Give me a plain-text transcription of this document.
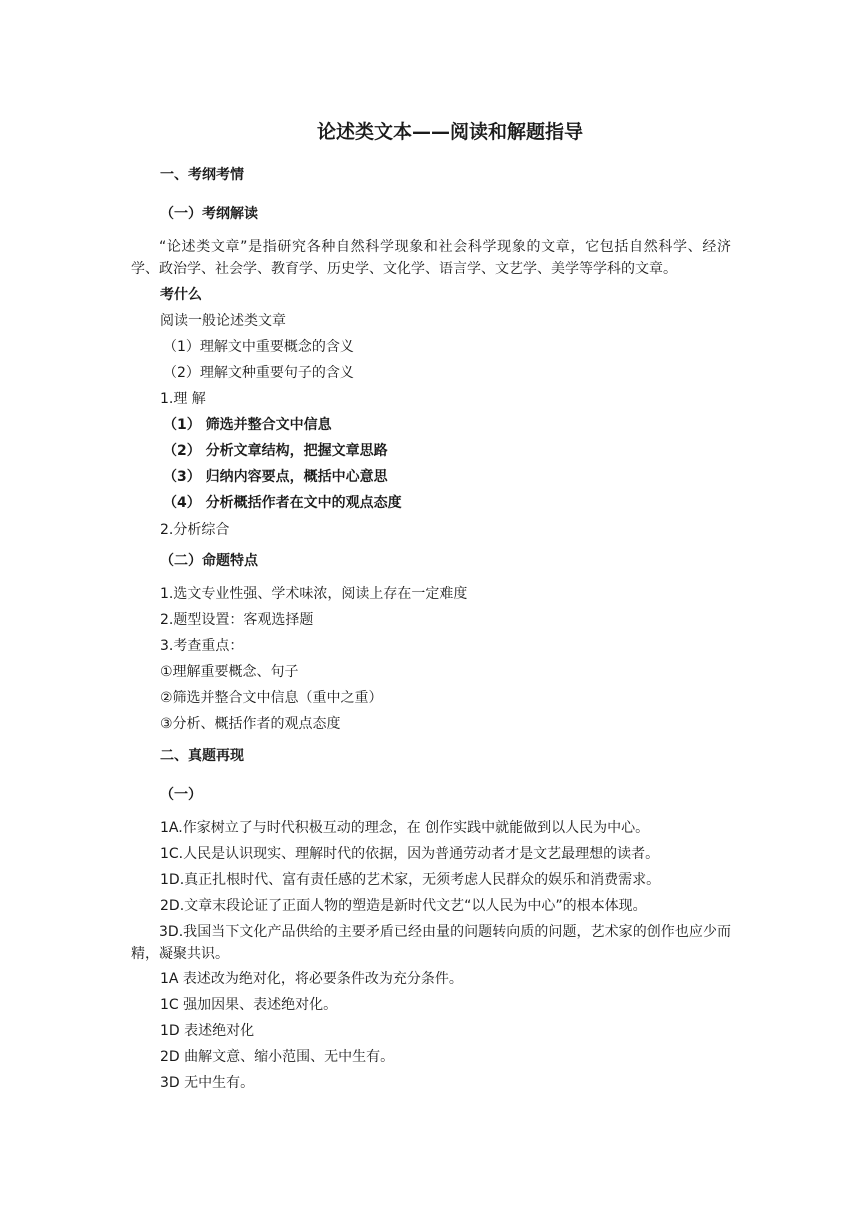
论述类文本——阅读和解题指导
一、考纲考情
（一）考纲解读
“论述类文章”是指研究各种自然科学现象和社会科学现象的文章，它包括自然科学、经济学、政治学、社会学、教育学、历史学、文化学、语言学、文艺学、美学等学科的文章。
考什么
阅读一般论述类文章
（1）理解文中重要概念的含义
（2）理解文种重要句子的含义
1.理 解
（1） 筛选并整合文中信息
（2） 分析文章结构，把握文章思路
（3） 归纳内容要点，概括中心意思
（4） 分析概括作者在文中的观点态度
2.分析综合
（二）命题特点
1.选文专业性强、学术味浓，阅读上存在一定难度
2.题型设置：客观选择题
3.考查重点：
①理解重要概念、句子
②筛选并整合文中信息（重中之重）
③分析、概括作者的观点态度
二、真题再现
（一）
1A.作家树立了与时代积极互动的理念，在 创作实践中就能做到以人民为中心。
1C.人民是认识现实、理解时代的依据，因为普通劳动者才是文艺最理想的读者。
1D.真正扎根时代、富有责任感的艺术家，无须考虑人民群众的娱乐和消费需求。
2D.文章末段论证了正面人物的塑造是新时代文艺“以人民为中心”的根本体现。
3D.我国当下文化产品供给的主要矛盾已经由量的问题转向质的问题，艺术家的创作也应少而精，凝聚共识。
1A 表述改为绝对化，将必要条件改为充分条件。
1C 强加因果、表述绝对化。
1D 表述绝对化
2D 曲解文意、缩小范围、无中生有。
3D 无中生有。
